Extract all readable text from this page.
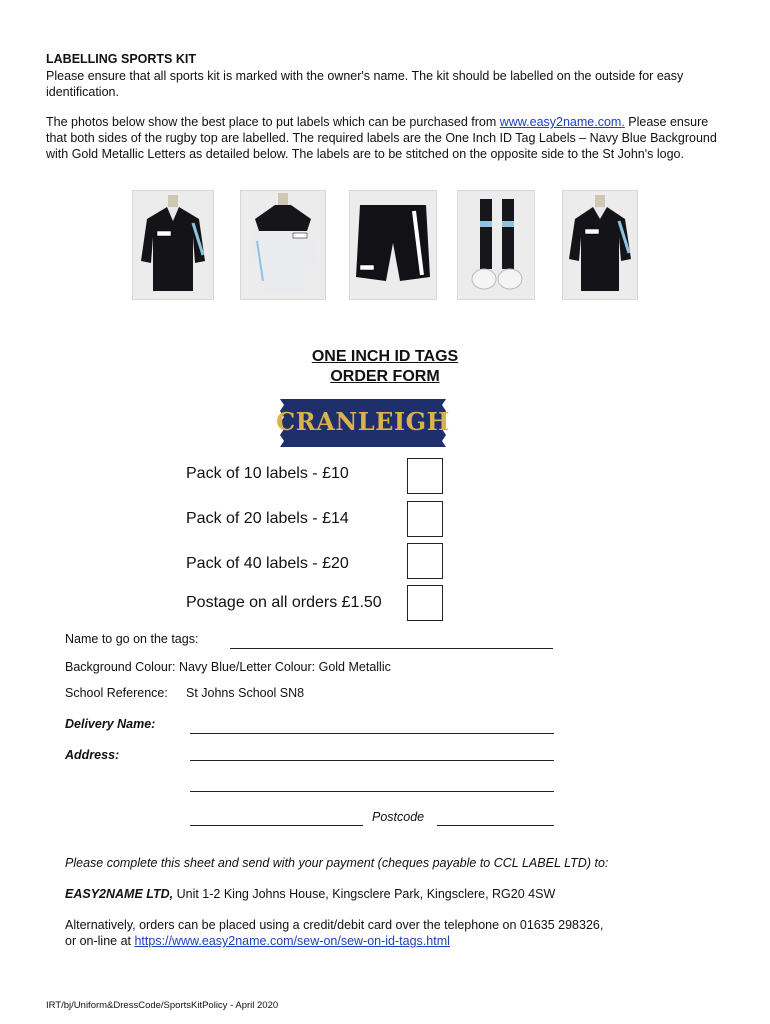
LABELLING SPORTS KIT
Please ensure that all sports kit is marked with the owner's name. The kit should be labelled on the outside for easy identification.
The photos below show the best place to put labels which can be purchased from www.easy2name.com. Please ensure that both sides of the rugby top are labelled. The required labels are the One Inch ID Tag Labels – Navy Blue Background with Gold Metallic Letters as detailed below. The labels are to be stitched on the opposite side to the St John's logo.
ONE INCH ID TAGS
ORDER FORM
CRANLEIGH
Pack of 10 labels - £10
Pack of 20 labels - £14
Pack of 40 labels - £20
Postage on all orders £1.50
Name to go on the tags:
Background Colour: Navy Blue/Letter Colour: Gold Metallic
School Reference: St Johns School SN8
Delivery Name:
Address:
Postcode
Please complete this sheet and send with your payment (cheques payable to CCL LABEL LTD) to:
EASY2NAME LTD, Unit 1-2 King Johns House, Kingsclere Park, Kingsclere, RG20 4SW
Alternatively, orders can be placed using a credit/debit card over the telephone on 01635 298326,
or on-line at https://www.easy2name.com/sew-on/sew-on-id-tags.html
IRT/bj/Uniform&DressCode/SportsKitPolicy - April 2020
